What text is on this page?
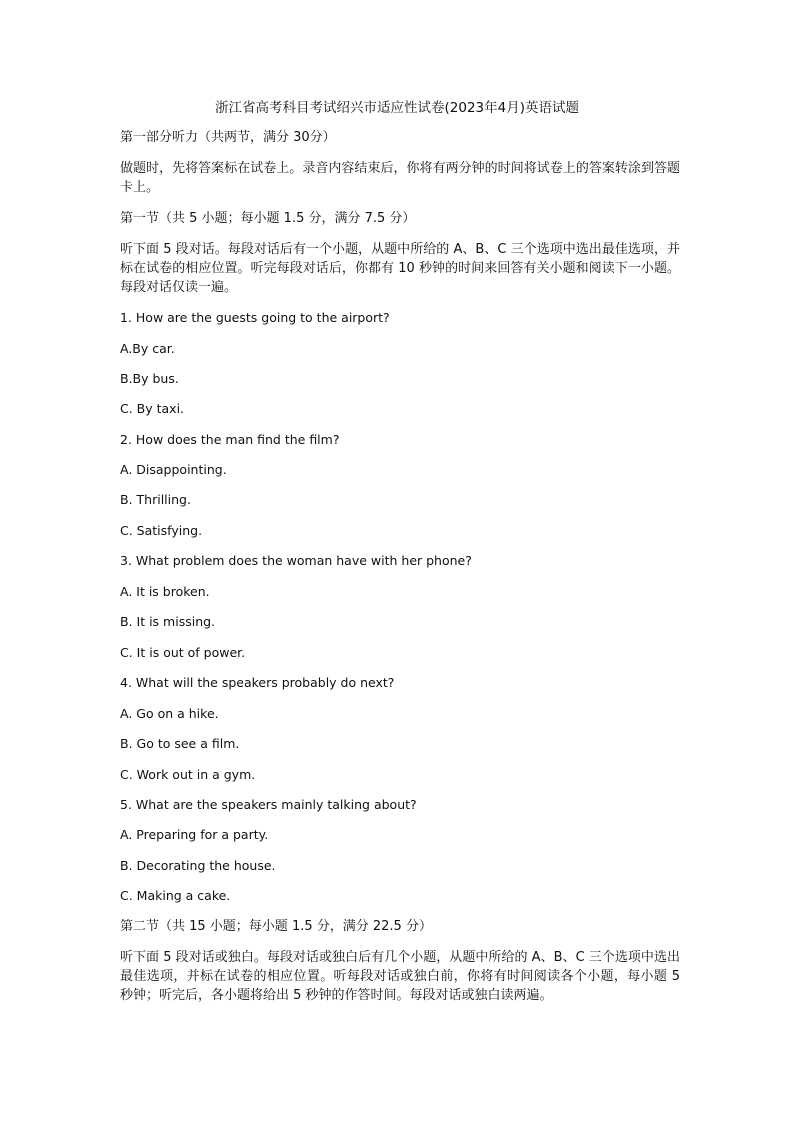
浙江省高考科目考试绍兴市适应性试卷(2023年4月)英语试题

第一部分听力（共两节，满分 30分）

做题时，先将答案标在试卷上。录音内容结束后，你将有两分钟的时间将试卷上的答案转涂到答题卡上。

第一节（共 5 小题；每小题 1.5 分，满分 7.5 分）

听下面 5 段对话。每段对话后有一个小题，从题中所给的 A、B、C 三个选项中选出最佳选项，并标在试卷的相应位置。听完每段对话后，你都有 10 秒钟的时间来回答有关小题和阅读下一小题。每段对话仅读一遍。

1. How are the guests going to the airport?

A.By car.

B.By bus.

C. By taxi.

2. How does the man find the film?

A. Disappointing.

B. Thrilling.

C. Satisfying.

3. What problem does the woman have with her phone?

A. It is broken.

B. It is missing.

C. It is out of power.

4. What will the speakers probably do next?

A. Go on a hike.

B. Go to see a film.

C. Work out in a gym.

5. What are the speakers mainly talking about?

A. Preparing for a party.

B. Decorating the house.

C. Making a cake.

第二节（共 15 小题；每小题 1.5 分，满分 22.5 分）

听下面 5 段对话或独白。每段对话或独白后有几个小题，从题中所给的 A、B、C 三个选项中选出最佳选项，并标在试卷的相应位置。听每段对话或独白前，你将有时间阅读各个小题，每小题 5 秒钟；听完后，各小题将给出 5 秒钟的作答时间。每段对话或独白读两遍。
